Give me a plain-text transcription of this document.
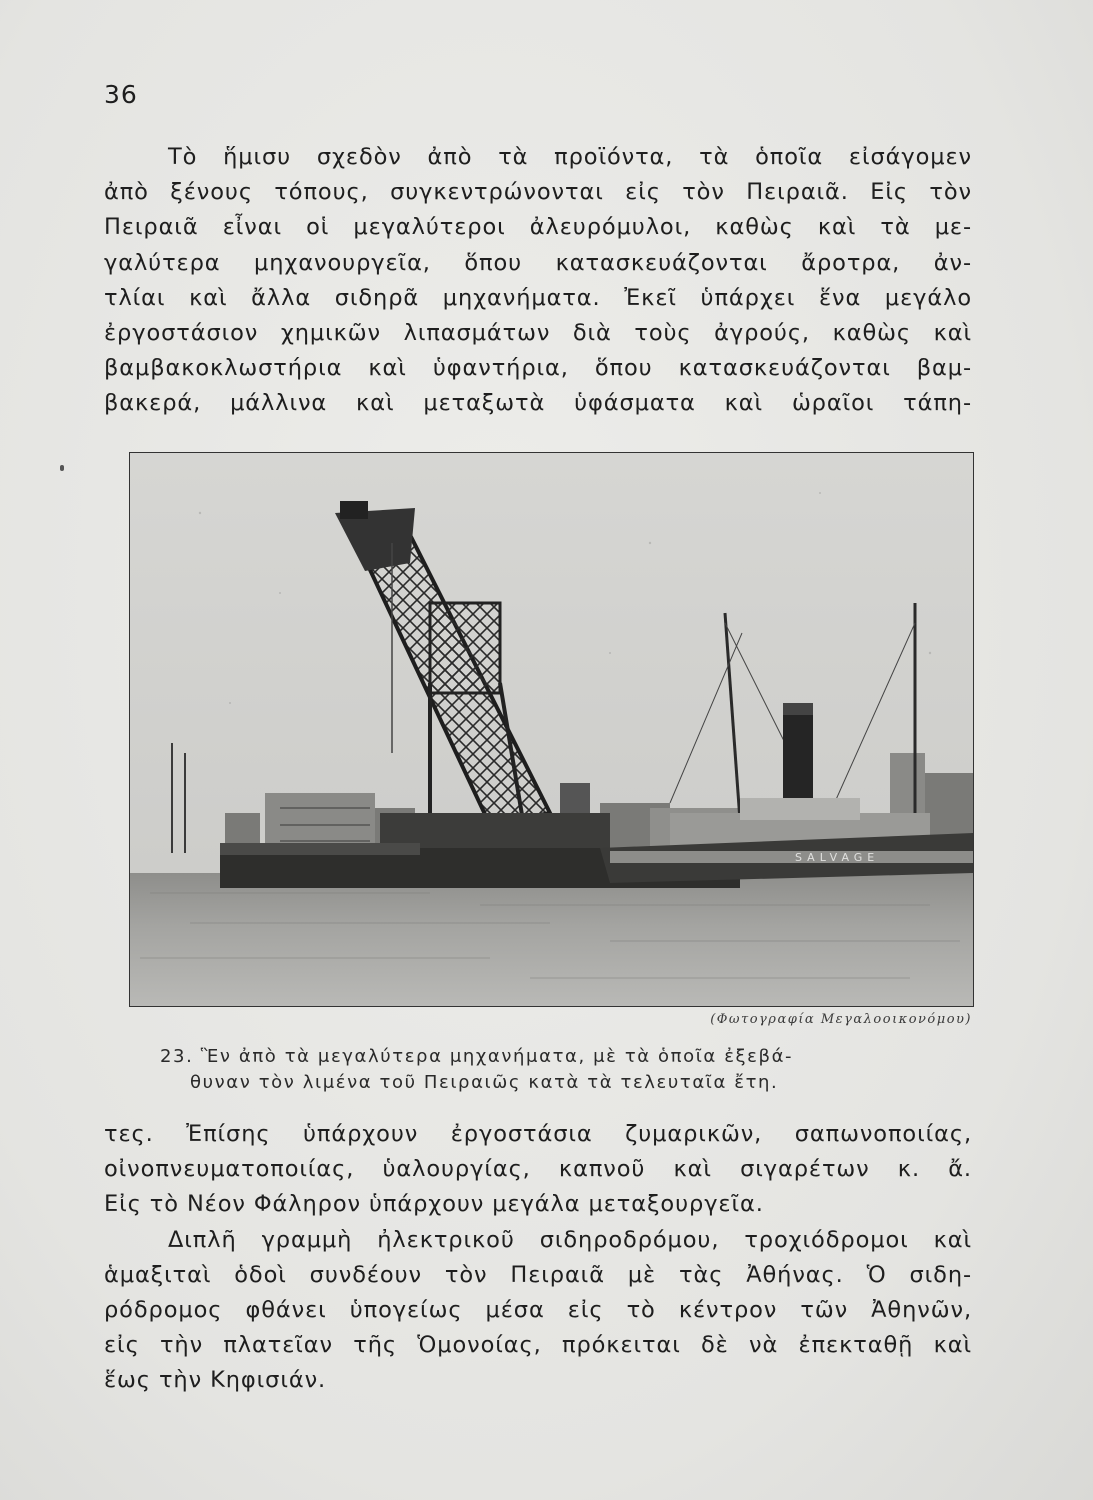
36

Τὸ ἥμισυ σχεδὸν ἀπὸ τὰ προϊόντα, τὰ ὁποῖα εἰσάγομεν

ἀπὸ ξένους τόπους, συγκεντρώνονται εἰς τὸν Πειραιᾶ. Εἰς τὸν

Πειραιᾶ εἶναι οἱ μεγαλύτεροι ἀλευρόμυλοι, καθὼς καὶ τὰ με-

γαλύτερα μηχανουργεῖα, ὅπου κατασκευάζονται ἄροτρα, ἀν-

τλίαι καὶ ἄλλα σιδηρᾶ μηχανήματα. Ἐκεῖ ὑπάρχει ἕνα μεγάλο

ἐργοστάσιον χημικῶν λιπασμάτων διὰ τοὺς ἀγρούς, καθὼς καὶ

βαμβακοκλωστήρια καὶ ὑφαντήρια, ὅπου κατασκευάζονται βαμ-

βακερά, μάλλινα καὶ μεταξωτὰ ὑφάσματα καὶ ὡραῖοι τάπη-

SALVAGE
(Φωτογραφία Μεγαλοοικονόμου)
23. Ἓν ἀπὸ τὰ μεγαλύτερα μηχανήματα, μὲ τὰ ὁποῖα ἐξεβά-
θυναν τὸν λιμένα τοῦ Πειραιῶς κατὰ τὰ τελευταῖα ἔτη.

τες. Ἐπίσης ὑπάρχουν ἐργοστάσια ζυμαρικῶν, σαπωνοποιίας,

οἰνοπνευματοποιίας, ὑαλουργίας, καπνοῦ καὶ σιγαρέτων κ. ἄ.

Εἰς τὸ Νέον Φάληρον ὑπάρχουν μεγάλα μεταξουργεῖα.

Διπλῆ γραμμὴ ἠλεκτρικοῦ σιδηροδρόμου, τροχιόδρομοι καὶ

ἁμαξιταὶ ὁδοὶ συνδέουν τὸν Πειραιᾶ μὲ τὰς Ἀθήνας. Ὁ σιδη-

ρόδρομος φθάνει ὑπογείως μέσα εἰς τὸ κέντρον τῶν Ἀθηνῶν,

εἰς τὴν πλατεῖαν τῆς Ὁμονοίας, πρόκειται δὲ νὰ ἐπεκταθῇ καὶ

ἕως τὴν Κηφισιάν.
